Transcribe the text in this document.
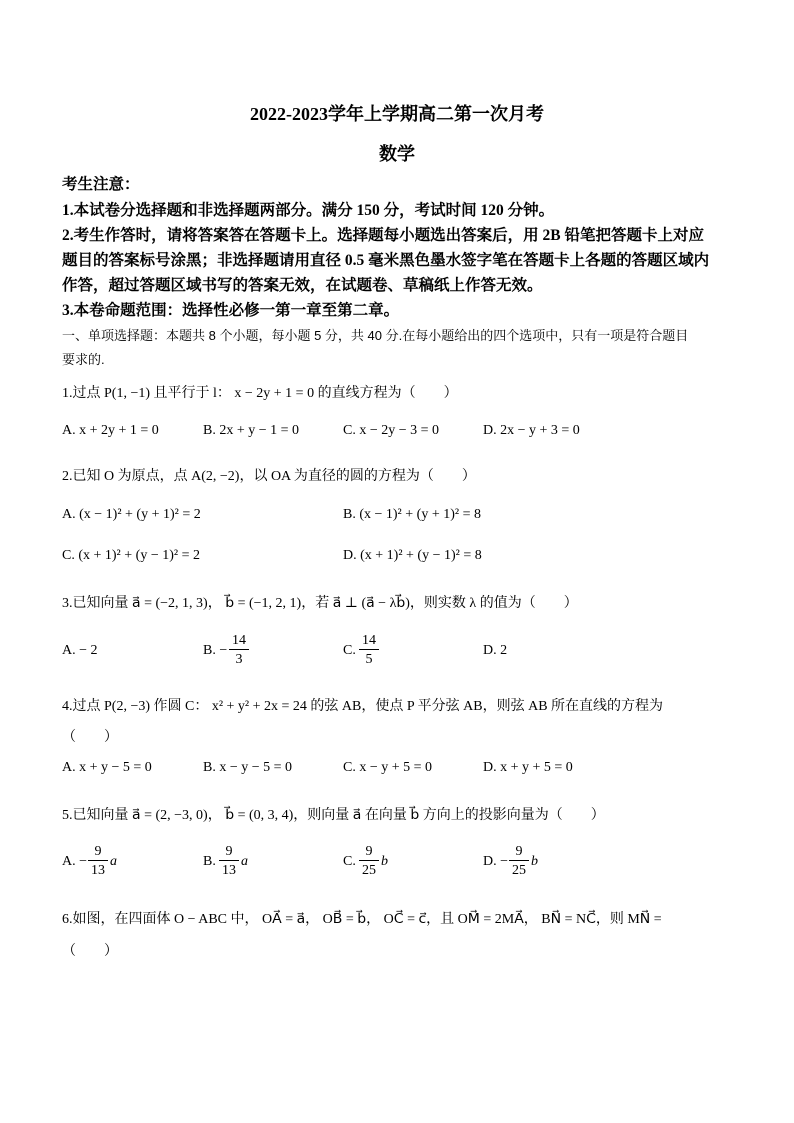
2022-2023学年上学期高二第一次月考
数学
考生注意：
1.本试卷分选择题和非选择题两部分。满分 150 分，考试时间 120 分钟。
2.考生作答时，请将答案答在答题卡上。选择题每小题选出答案后，用 2B 铅笔把答题卡上对应
题目的答案标号涂黑；非选择题请用直径 0.5 毫米黑色墨水签字笔在答题卡上各题的答题区域内
作答，超过答题区域书写的答案无效，在试题卷、草稿纸上作答无效。
3.本卷命题范围：选择性必修一第一章至第二章。
一、单项选择题：本题共 8 个小题，每小题 5 分，共 40 分.在每小题给出的四个选项中，只有一项是符合题目
要求的.
1.过点 P(1, −1) 且平行于 l： x − 2y + 1 = 0 的直线方程为（　　）
A. x + 2y + 1 = 0	B. 2x + y − 1 = 0	C. x − 2y − 3 = 0	D. 2x − y + 3 = 0
2.已知 O 为原点，点 A(2, −2)，以 OA 为直径的圆的方程为（　　）
A. (x − 1)² + (y + 1)² = 2	B. (x − 1)² + (y + 1)² = 8
C. (x + 1)² + (y − 1)² = 2	D. (x + 1)² + (y − 1)² = 8
3.已知向量 a⃗ = (−2, 1, 3)， b⃗ = (−1, 2, 1)，若 a⃗ ⊥ (a⃗ − λb⃗)，则实数 λ 的值为（　　）
A. − 2	B. −
14
3
C.
14
5
D. 2
4.过点 P(2, −3) 作圆 C： x² + y² + 2x = 24 的弦 AB，使点 P 平分弦 AB，则弦 AB 所在直线的方程为
（　　）
A. x + y − 5 = 0	B. x − y − 5 = 0	C. x − y + 5 = 0	D. x + y + 5 = 0
5.已知向量 a⃗ = (2, −3, 0)， b⃗ = (0, 3, 4)，则向量 a⃗ 在向量 b⃗ 方向上的投影向量为（　　）
A. −
9
13
a⃗	B.
9
13
a⃗	C.
9
25
b⃗	D. −
9
25
b⃗
6.如图，在四面体 O − ABC 中， OA⃗ = a⃗， OB⃗ = b⃗， OC⃗ = c⃗，且 OM⃗ = 2MA⃗， BN⃗ = NC⃗，则 MN⃗ =
（　　）
